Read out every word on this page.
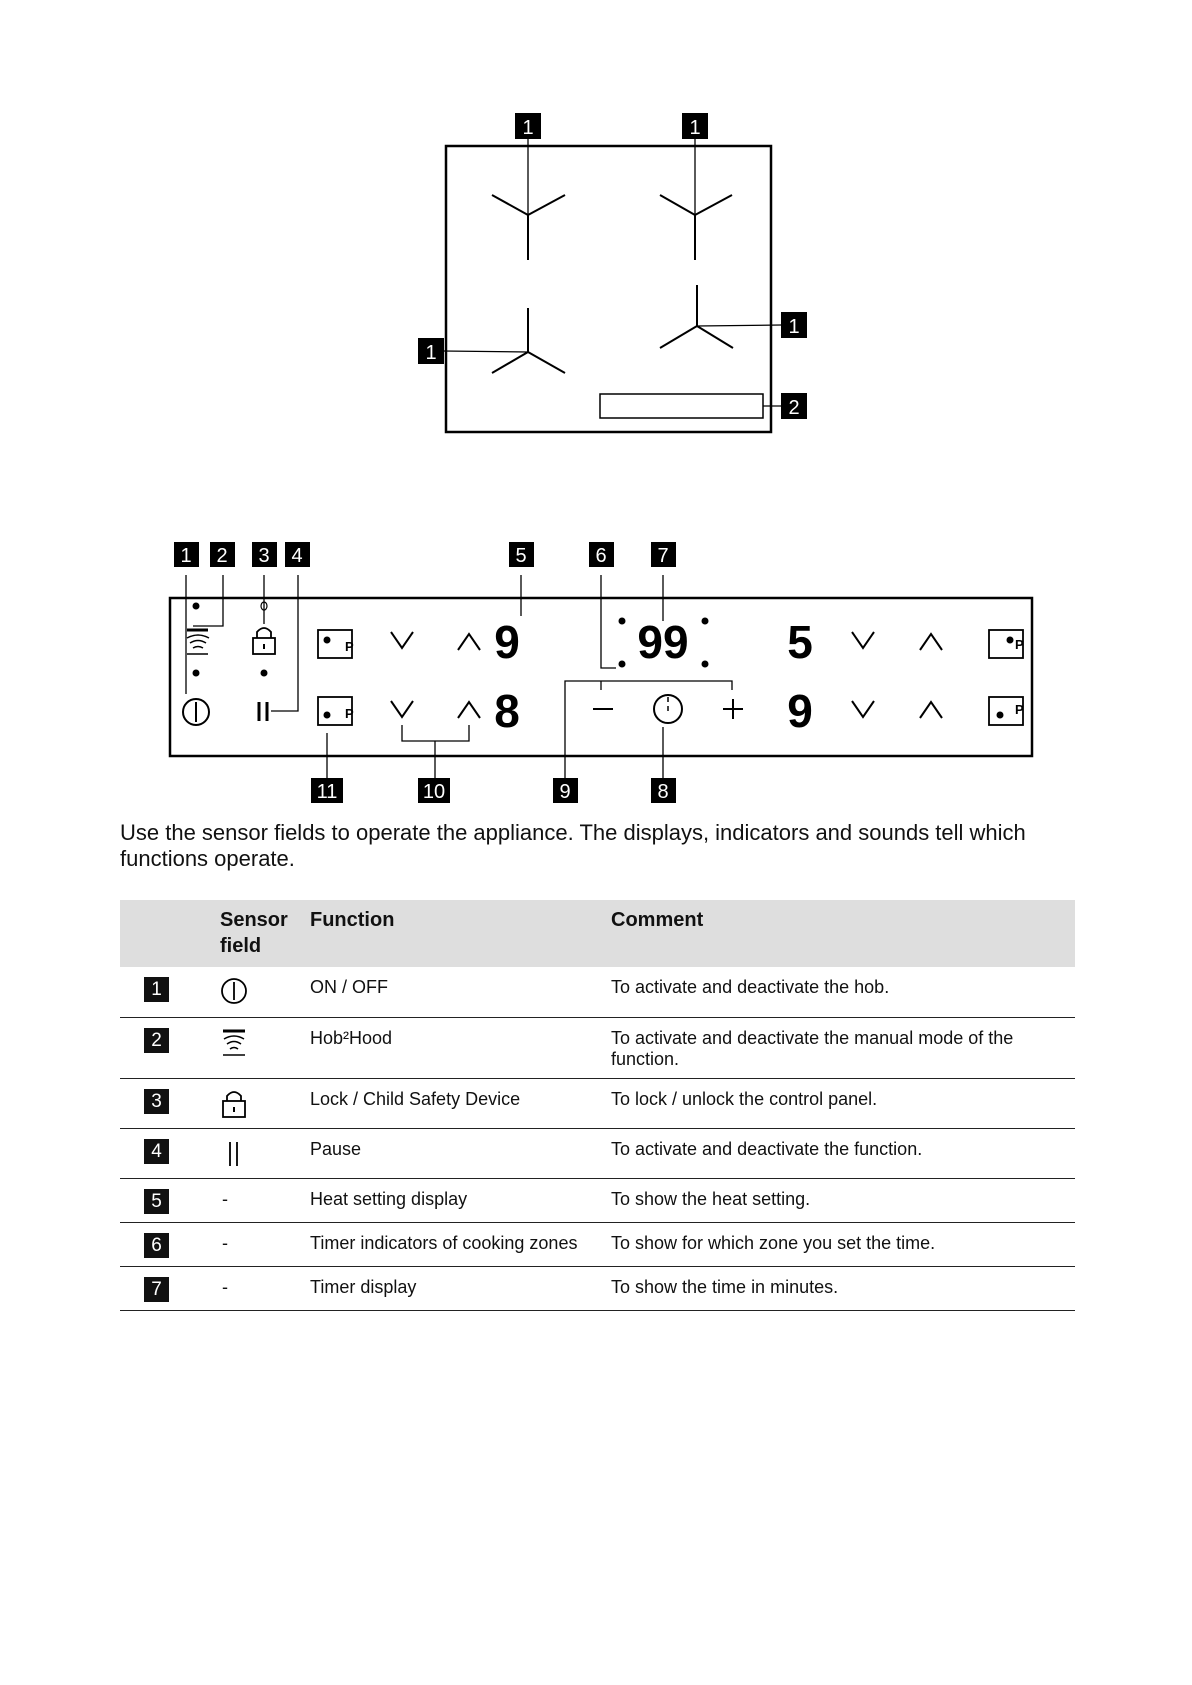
1	1
1
1
2
P
P
P
P
9
8
99 5
9
1 2 3 4	5	6	7
8
9
10
11

Use the sensor fields to operate the appliance. The displays, indicators and sounds tell which functions operate.

	Sensor field	Function	Comment
1		ON / OFF	To activate and deactivate the hob.
2		Hob²Hood	To activate and deactivate the manual mode of the function.
3		Lock / Child Safety Device	To lock / unlock the control panel.
4		Pause	To activate and deactivate the function.
5	-	Heat setting display	To show the heat setting.
6	-	Timer indicators of cooking zones	To show for which zone you set the time.
7	-	Timer display	To show the time in minutes.
